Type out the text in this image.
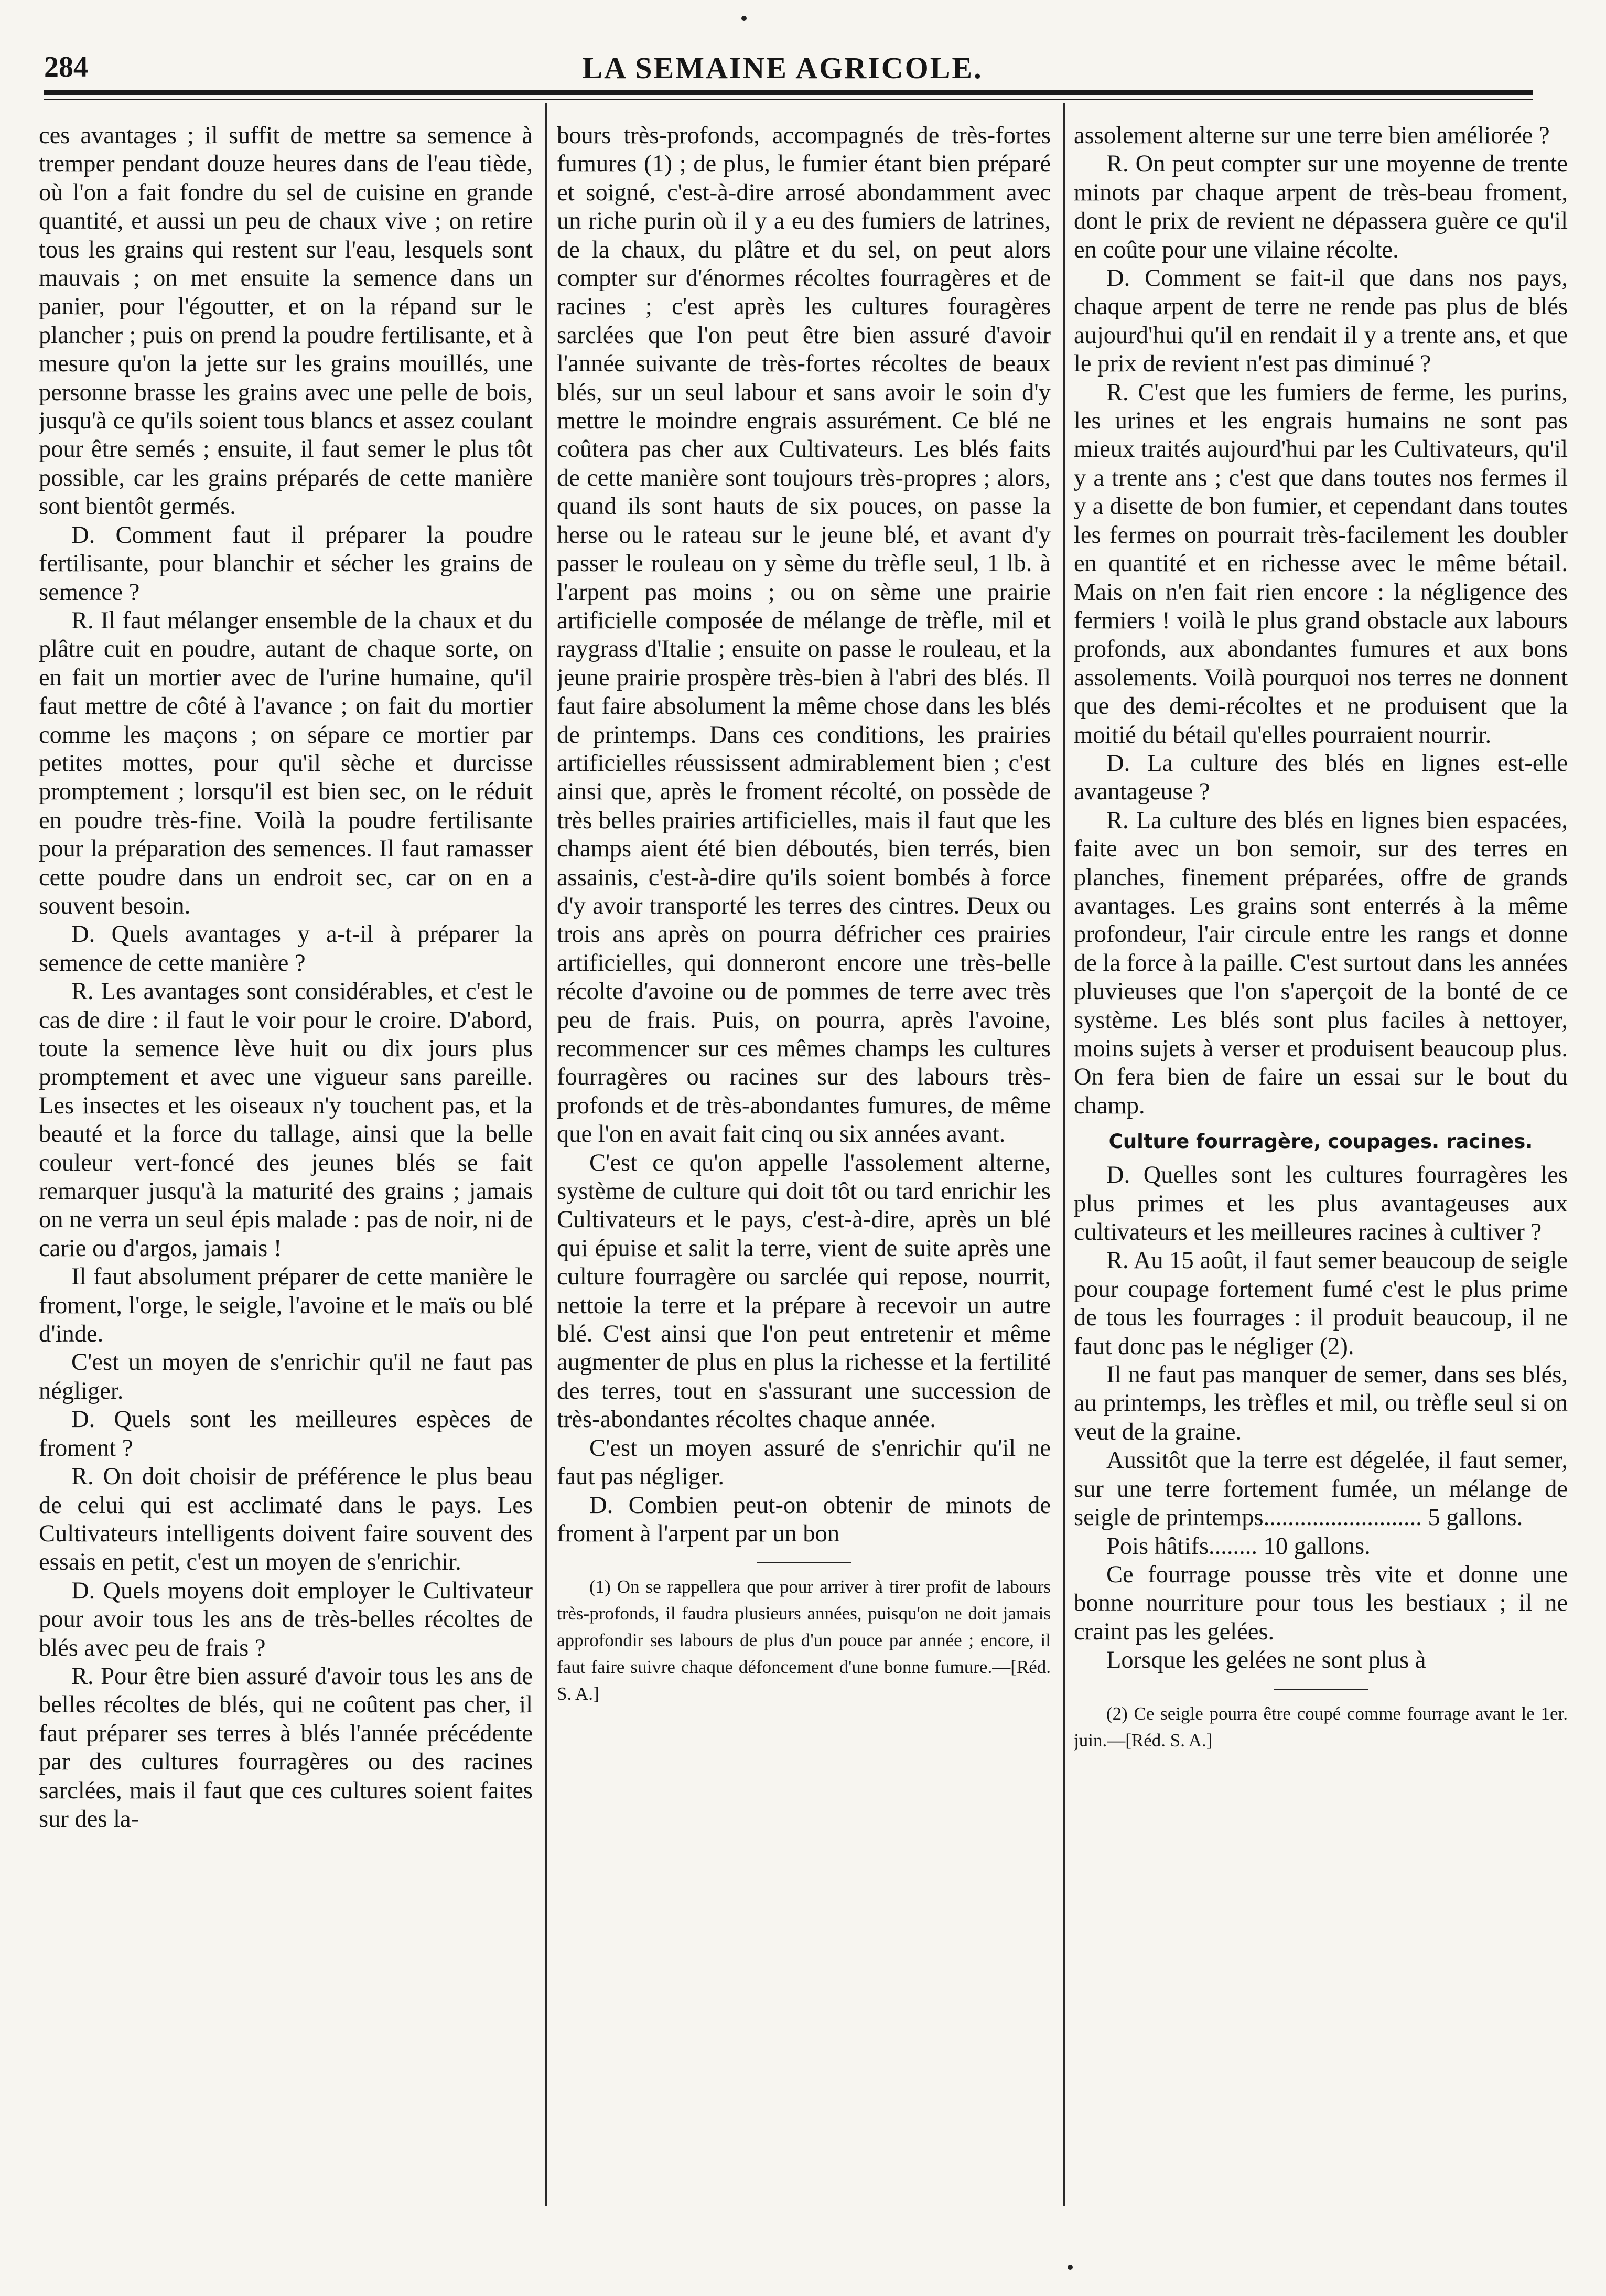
284	LA SEMAINE AGRICOLE.

ces avantages ; il suffit de mettre sa semence à tremper pendant douze heures dans de l'eau tiède, où l'on a fait fondre du sel de cuisine en grande quantité, et aussi un peu de chaux vive ; on retire tous les grains qui restent sur l'eau, lesquels sont mauvais ; on met ensuite la semence dans un panier, pour l'égoutter, et on la répand sur le plancher ; puis on prend la poudre fertilisante, et à mesure qu'on la jette sur les grains mouillés, une personne brasse les grains avec une pelle de bois, jusqu'à ce qu'ils soient tous blancs et assez coulant pour être semés ; ensuite, il faut semer le plus tôt possible, car les grains préparés de cette manière sont bientôt germés.

D. Comment faut il préparer la poudre fertilisante, pour blanchir et sécher les grains de semence ?

R. Il faut mélanger ensemble de la chaux et du plâtre cuit en poudre, autant de chaque sorte, on en fait un mortier avec de l'urine humaine, qu'il faut mettre de côté à l'avance ; on fait du mortier comme les maçons ; on sépare ce mortier par petites mottes, pour qu'il sèche et durcisse promptement ; lorsqu'il est bien sec, on le réduit en poudre très-fine. Voilà la poudre fertilisante pour la préparation des semences. Il faut ramasser cette poudre dans un endroit sec, car on en a souvent besoin.

D. Quels avantages y a-t-il à préparer la semence de cette manière ?

R. Les avantages sont considérables, et c'est le cas de dire : il faut le voir pour le croire. D'abord, toute la semence lève huit ou dix jours plus promptement et avec une vigueur sans pareille. Les insectes et les oiseaux n'y touchent pas, et la beauté et la force du tallage, ainsi que la belle couleur vert-foncé des jeunes blés se fait remarquer jusqu'à la maturité des grains ; jamais on ne verra un seul épis malade : pas de noir, ni de carie ou d'argos, jamais !

Il faut absolument préparer de cette manière le froment, l'orge, le seigle, l'avoine et le maïs ou blé d'inde.

C'est un moyen de s'enrichir qu'il ne faut pas négliger.

D. Quels sont les meilleures espèces de froment ?

R. On doit choisir de préférence le plus beau de celui qui est acclimaté dans le pays. Les Cultivateurs intelligents doivent faire souvent des essais en petit, c'est un moyen de s'enrichir.

D. Quels moyens doit employer le Cultivateur pour avoir tous les ans de très-belles récoltes de blés avec peu de frais ?

R. Pour être bien assuré d'avoir tous les ans de belles récoltes de blés, qui ne coûtent pas cher, il faut préparer ses terres à blés l'année précédente par des cultures fourragères ou des racines sarclées, mais il faut que ces cultures soient faites sur des la-

bours très-profonds, accompagnés de très-fortes fumures (1) ; de plus, le fumier étant bien préparé et soigné, c'est-à-dire arrosé abondamment avec un riche purin où il y a eu des fumiers de latrines, de la chaux, du plâtre et du sel, on peut alors compter sur d'énormes récoltes fourragères et de racines ; c'est après les cultures fouragères sarclées que l'on peut être bien assuré d'avoir l'année suivante de très-fortes récoltes de beaux blés, sur un seul labour et sans avoir le soin d'y mettre le moindre engrais assurément. Ce blé ne coûtera pas cher aux Cultivateurs. Les blés faits de cette manière sont toujours très-propres ; alors, quand ils sont hauts de six pouces, on passe la herse ou le rateau sur le jeune blé, et avant d'y passer le rouleau on y sème du trèfle seul, 1 lb. à l'arpent pas moins ; ou on sème une prairie artificielle composée de mélange de trèfle, mil et raygrass d'Italie ; ensuite on passe le rouleau, et la jeune prairie prospère très-bien à l'abri des blés. Il faut faire absolument la même chose dans les blés de printemps. Dans ces conditions, les prairies artificielles réussissent admirablement bien ; c'est ainsi que, après le froment récolté, on possède de très belles prairies artificielles, mais il faut que les champs aient été bien déboutés, bien terrés, bien assainis, c'est-à-dire qu'ils soient bombés à force d'y avoir transporté les terres des cintres. Deux ou trois ans après on pourra défricher ces prairies artificielles, qui donneront encore une très-belle récolte d'avoine ou de pommes de terre avec très peu de frais. Puis, on pourra, après l'avoine, recommencer sur ces mêmes champs les cultures fourragères ou racines sur des labours très-profonds et de très-abondantes fumures, de même que l'on en avait fait cinq ou six années avant.

C'est ce qu'on appelle l'assolement alterne, système de culture qui doit tôt ou tard enrichir les Cultivateurs et le pays, c'est-à-dire, après un blé qui épuise et salit la terre, vient de suite après une culture fourragère ou sarclée qui repose, nourrit, nettoie la terre et la prépare à recevoir un autre blé. C'est ainsi que l'on peut entretenir et même augmenter de plus en plus la richesse et la fertilité des terres, tout en s'assurant une succession de très-abondantes récoltes chaque année.

C'est un moyen assuré de s'enrichir qu'il ne faut pas négliger.

D. Combien peut-on obtenir de minots de froment à l'arpent par un bon

(1) On se rappellera que pour arriver à tirer profit de labours très-profonds, il faudra plusieurs années, puisqu'on ne doit jamais approfondir ses labours de plus d'un pouce par année ; encore, il faut faire suivre chaque défoncement d'une bonne fumure.—[Réd. S. A.]

assolement alterne sur une terre bien améliorée ?

R. On peut compter sur une moyenne de trente minots par chaque arpent de très-beau froment, dont le prix de revient ne dépassera guère ce qu'il en coûte pour une vilaine récolte.

D. Comment se fait-il que dans nos pays, chaque arpent de terre ne rende pas plus de blés aujourd'hui qu'il en rendait il y a trente ans, et que le prix de revient n'est pas diminué ?

R. C'est que les fumiers de ferme, les purins, les urines et les engrais humains ne sont pas mieux traités aujourd'hui par les Cultivateurs, qu'il y a trente ans ; c'est que dans toutes nos fermes il y a disette de bon fumier, et cependant dans toutes les fermes on pourrait très-facilement les doubler en quantité et en richesse avec le même bétail. Mais on n'en fait rien encore : la négligence des fermiers ! voilà le plus grand obstacle aux labours profonds, aux abondantes fumures et aux bons assolements. Voilà pourquoi nos terres ne donnent que des demi-récoltes et ne produisent que la moitié du bétail qu'elles pourraient nourrir.

D. La culture des blés en lignes est-elle avantageuse ?

R. La culture des blés en lignes bien espacées, faite avec un bon semoir, sur des terres en planches, finement préparées, offre de grands avantages. Les grains sont enterrés à la même profondeur, l'air circule entre les rangs et donne de la force à la paille. C'est surtout dans les années pluvieuses que l'on s'aperçoit de la bonté de ce système. Les blés sont plus faciles à nettoyer, moins sujets à verser et produisent beaucoup plus. On fera bien de faire un essai sur le bout du champ.

Culture fourragère, coupages. racines.

D. Quelles sont les cultures fourragères les plus primes et les plus avantageuses aux cultivateurs et les meilleures racines à cultiver ?

R. Au 15 août, il faut semer beaucoup de seigle pour coupage fortement fumé c'est le plus prime de tous les fourrages : il produit beaucoup, il ne faut donc pas le négliger (2).

Il ne faut pas manquer de semer, dans ses blés, au printemps, les trèfles et mil, ou trèfle seul si on veut de la graine.

Aussitôt que la terre est dégelée, il faut semer, sur une terre fortement fumée, un mélange de seigle de printemps.......................... 5 gallons.

Pois hâtifs........ 10 gallons.

Ce fourrage pousse très vite et donne une bonne nourriture pour tous les bestiaux ; il ne craint pas les gelées.

Lorsque les gelées ne sont plus à

(2) Ce seigle pourra être coupé comme fourrage avant le 1er. juin.—[Réd. S. A.]
